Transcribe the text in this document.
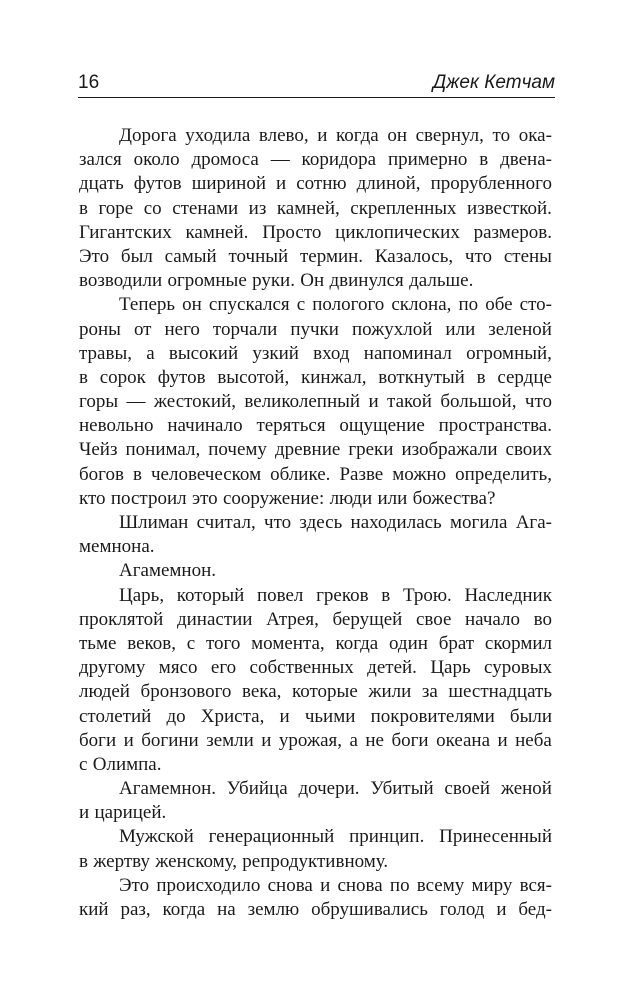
16	Джек Кетчам
Дорога уходила влево, и когда он свернул, то ока-
зался около дромоса — коридора примерно в двена-
дцать футов шириной и сотню длиной, прорубленного
в горе со стенами из камней, скрепленных известкой.
Гигантских камней. Просто циклопических размеров.
Это был самый точный термин. Казалось, что стены
возводили огромные руки. Он двинулся дальше.
Теперь он спускался с пологого склона, по обе сто-
роны от него торчали пучки пожухлой или зеленой
травы, а высокий узкий вход напоминал огромный,
в сорок футов высотой, кинжал, воткнутый в сердце
горы — жестокий, великолепный и такой большой, что
невольно начинало теряться ощущение пространства.
Чейз понимал, почему древние греки изображали своих
богов в человеческом облике. Разве можно определить,
кто построил это сооружение: люди или божества?
Шлиман считал, что здесь находилась могила Ага-
мемнона.
Агамемнон.
Царь, который повел греков в Трою. Наследник
проклятой династии Атрея, берущей свое начало во
тьме веков, с того момента, когда один брат скормил
другому мясо его собственных детей. Царь суровых
людей бронзового века, которые жили за шестнадцать
столетий до Христа, и чьими покровителями были
боги и богини земли и урожая, а не боги океана и неба
с Олимпа.
Агамемнон. Убийца дочери. Убитый своей женой
и царицей.
Мужской генерационный принцип. Принесенный
в жертву женскому, репродуктивному.
Это происходило снова и снова по всему миру вся-
кий раз, когда на землю обрушивались голод и бед-
